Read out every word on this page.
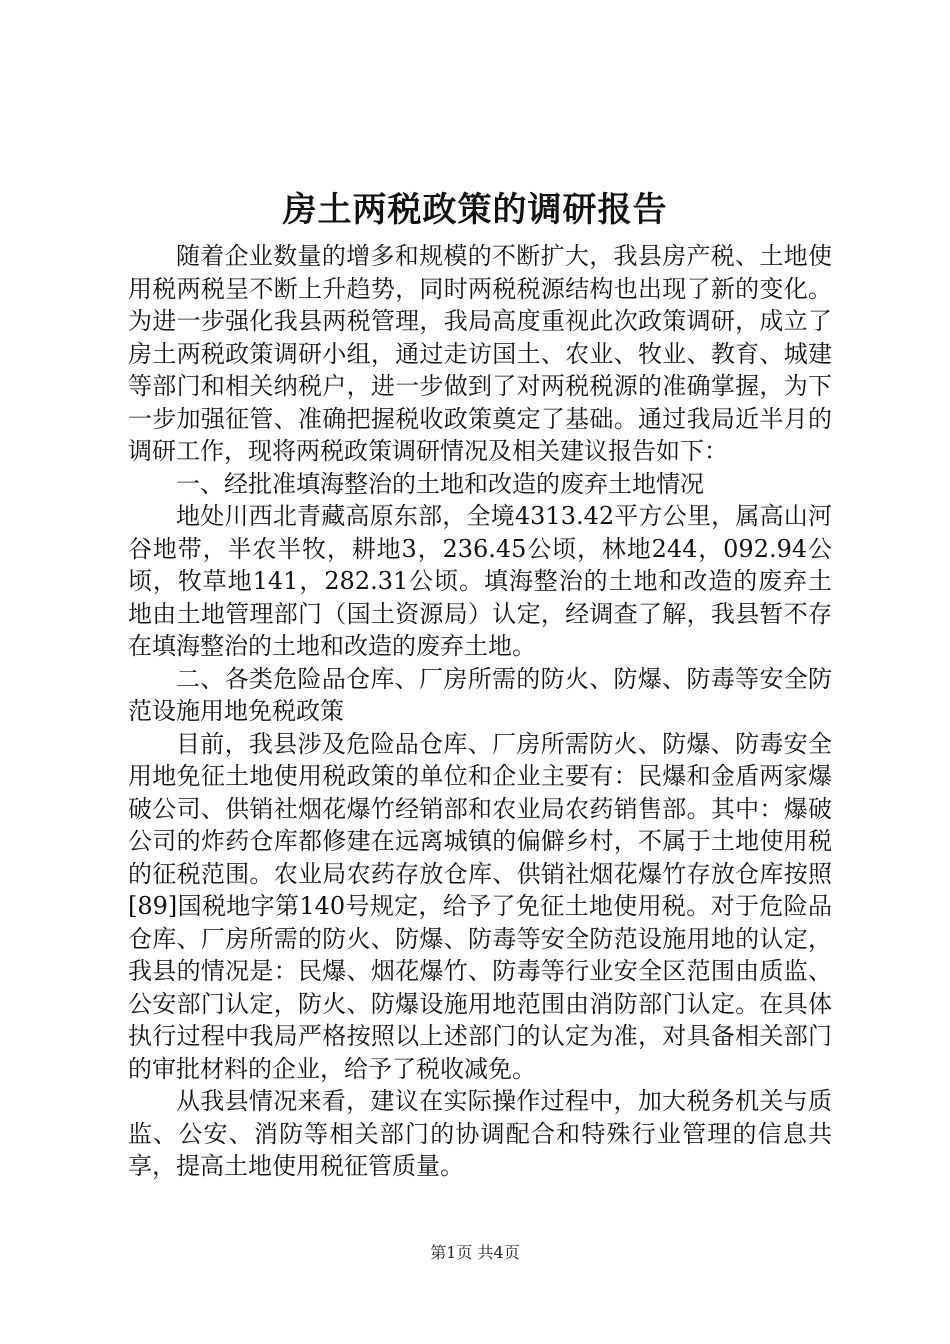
房土两税政策的调研报告

随着企业数量的增多和规模的不断扩大，我县房产税、土地使用税两税呈不断上升趋势，同时两税税源结构也出现了新的变化。为进一步强化我县两税管理，我局高度重视此次政策调研，成立了房土两税政策调研小组，通过走访国土、农业、牧业、教育、城建等部门和相关纳税户，进一步做到了对两税税源的准确掌握，为下一步加强征管、准确把握税收政策奠定了基础。通过我局近半月的调研工作，现将两税政策调研情况及相关建议报告如下：

一、经批准填海整治的土地和改造的废弃土地情况

地处川西北青藏高原东部，全境4313.42平方公里，属高山河谷地带，半农半牧，耕地3，236.45公顷，林地244，092.94公顷，牧草地141，282.31公顷。填海整治的土地和改造的废弃土地由土地管理部门（国土资源局）认定，经调查了解，我县暂不存在填海整治的土地和改造的废弃土地。

二、各类危险品仓库、厂房所需的防火、防爆、防毒等安全防范设施用地免税政策

目前，我县涉及危险品仓库、厂房所需防火、防爆、防毒安全用地免征土地使用税政策的单位和企业主要有：民爆和金盾两家爆破公司、供销社烟花爆竹经销部和农业局农药销售部。其中：爆破公司的炸药仓库都修建在远离城镇的偏僻乡村，不属于土地使用税的征税范围。农业局农药存放仓库、供销社烟花爆竹存放仓库按照[89]国税地字第140号规定，给予了免征土地使用税。对于危险品仓库、厂房所需的防火、防爆、防毒等安全防范设施用地的认定，我县的情况是：民爆、烟花爆竹、防毒等行业安全区范围由质监、公安部门认定，防火、防爆设施用地范围由消防部门认定。在具体执行过程中我局严格按照以上述部门的认定为准，对具备相关部门的审批材料的企业，给予了税收减免。

从我县情况来看，建议在实际操作过程中，加大税务机关与质监、公安、消防等相关部门的协调配合和特殊行业管理的信息共享，提高土地使用税征管质量。

第1页 共4页
